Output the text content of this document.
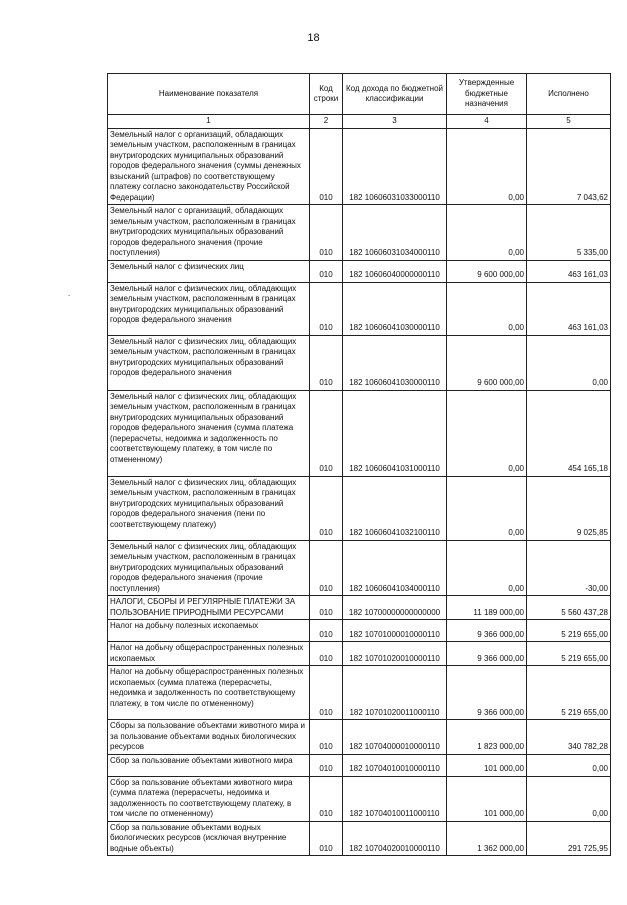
18
.
Наименование показателя	Код строки	Код дохода по бюджетной классификации	Утвержденные бюджетные назначения	Исполнено
1	2	3	4	5
Земельный налог с организаций, обладающих земельным участком, расположенным в границах внутригородских муниципальных образований городов федерального значения (суммы денежных взысканий (штрафов) по соответствующему платежу согласно законодательству Российской Федерации)	010	182 10606031033000110	0,00	7 043,62
Земельный налог с организаций, обладающих земельным участком, расположенным в границах внутригородских муниципальных образований городов федерального значения (прочие поступления)	010	182 10606031034000110	0,00	5 335,00
Земельный налог с физических лиц	010	182 10606040000000110	9 600 000,00	463 161,03
Земельный налог с физических лиц, обладающих земельным участком, расположенным в границах внутригородских муниципальных образований городов федерального значения	010	182 10606041030000110	0,00	463 161,03
Земельный налог с физических лиц, обладающих земельным участком, расположенным в границах внутригородских муниципальных образований городов федерального значения	010	182 10606041030000110	9 600 000,00	0,00
Земельный налог с физических лиц, обладающих земельным участком, расположенным в границах внутригородских муниципальных образований городов федерального значения (сумма платежа (перерасчеты, недоимка и задолженность по соответствующему платежу, в том числе по отмененному)	010	182 10606041031000110	0,00	454 165,18
Земельный налог с физических лиц, обладающих земельным участком, расположенным в границах внутригородских муниципальных образований городов федерального значения (пени по соответствующему платежу)	010	182 10606041032100110	0,00	9 025,85
Земельный налог с физических лиц, обладающих земельным участком, расположенным в границах внутригородских муниципальных образований городов федерального значения (прочие поступления)	010	182 10606041034000110	0,00	-30,00
НАЛОГИ, СБОРЫ И РЕГУЛЯРНЫЕ ПЛАТЕЖИ ЗА ПОЛЬЗОВАНИЕ ПРИРОДНЫМИ РЕСУРСАМИ	010	182 10700000000000000	11 189 000,00	5 560 437,28
Налог на добычу полезных ископаемых	010	182 10701000010000110	9 366 000,00	5 219 655,00
Налог на добычу общераспространенных полезных ископаемых	010	182 10701020010000110	9 366 000,00	5 219 655,00
Налог на добычу общераспространенных полезных ископаемых (сумма платежа (перерасчеты, недоимка и задолженность по соответствующему платежу, в том числе по отмененному)	010	182 10701020011000110	9 366 000,00	5 219 655,00
Сборы за пользование объектами животного мира и за пользование объектами водных биологических ресурсов	010	182 10704000010000110	1 823 000,00	340 782,28
Сбор за пользование объектами животного мира	010	182 10704010010000110	101 000,00	0,00
Сбор за пользование объектами животного мира (сумма платежа (перерасчеты, недоимка и задолженность по соответствующему платежу, в том числе по отмененному)	010	182 10704010011000110	101 000,00	0,00
Сбор за пользование объектами водных биологических ресурсов (исключая внутренние водные объекты)	010	182 10704020010000110	1 362 000,00	291 725,95
